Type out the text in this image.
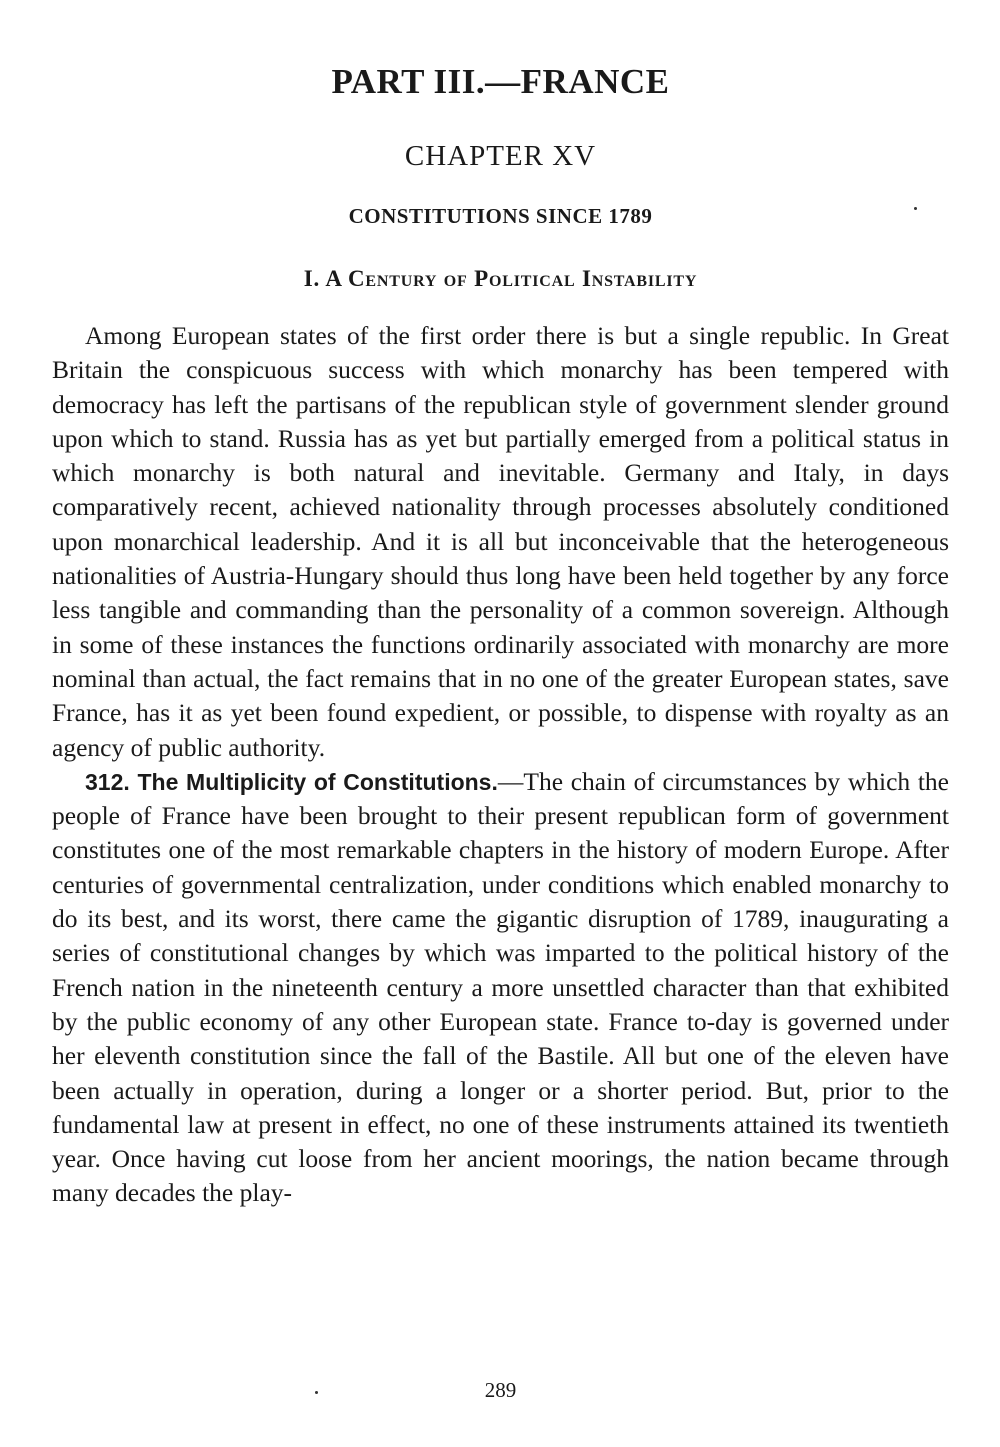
PART III.—FRANCE
CHAPTER XV
CONSTITUTIONS SINCE 1789
I. A Century of Political Instability

Among European states of the first order there is but a single republic. In Great Britain the conspicuous success with which monarchy has been tempered with democracy has left the partisans of the republican style of government slender ground upon which to stand. Russia has as yet but partially emerged from a political status in which monarchy is both natural and inevitable. Germany and Italy, in days comparatively recent, achieved nationality through processes absolutely conditioned upon monarchical leadership. And it is all but inconceivable that the heterogeneous nationalities of Austria-Hungary should thus long have been held together by any force less tangible and commanding than the personality of a common sovereign. Although in some of these instances the functions ordinarily associated with monarchy are more nominal than actual, the fact remains that in no one of the greater European states, save France, has it as yet been found expedient, or possible, to dispense with royalty as an agency of public authority.

312. The Multiplicity of Constitutions.—The chain of circumstances by which the people of France have been brought to their present republican form of government constitutes one of the most remarkable chapters in the history of modern Europe. After centuries of governmental centralization, under conditions which enabled monarchy to do its best, and its worst, there came the gigantic disruption of 1789, inaugurating a series of constitutional changes by which was imparted to the political history of the French nation in the nineteenth century a more unsettled character than that exhibited by the public economy of any other European state. France to-day is governed under her eleventh constitution since the fall of the Bastile. All but one of the eleven have been actually in operation, during a longer or a shorter period. But, prior to the fundamental law at present in effect, no one of these instruments attained its twentieth year. Once having cut loose from her ancient moorings, the nation became through many decades the play-

289
